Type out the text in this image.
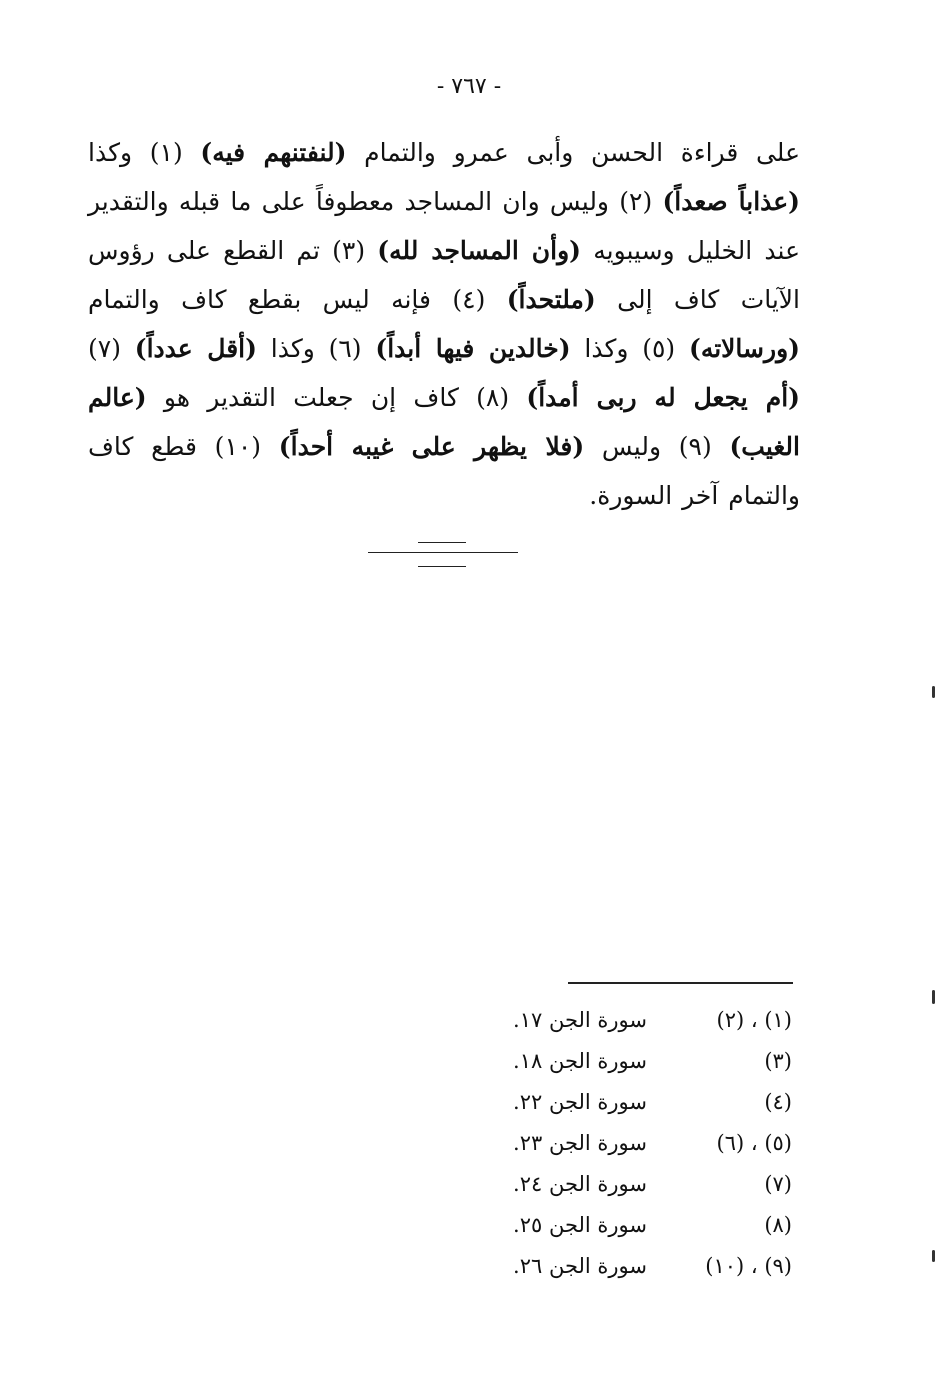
- ٧٦٧ -

على قراءة الحسن وأبى عمرو والتمام (لنفتنهم فيه) (١) وكذا (عذاباً صعداً) (٢) وليس وان المساجد معطوفاً على ما قبله والتقدير عند الخليل وسيبويه (وأن المساجد لله) (٣) تم القطع على رؤوس الآيات كاف إلى (ملتحداً) (٤) فإنه ليس بقطع كاف والتمام (ورسالاته) (٥) وكذا (خالدين فيها أبداً) (٦) وكذا (أقل عدداً) (٧) (أم يجعل له ربى أمداً) (٨) كاف إن جعلت التقدير هو (عالم الغيب) (٩) وليس (فلا يظهر على غيبه أحداً) (١٠) قطع كاف والتمام آخر السورة.

(١) ، (٢)
سورة الجن ١٧.
(٣)
سورة الجن ١٨.
(٤)
سورة الجن ٢٢.
(٥) ، (٦)
سورة الجن ٢٣.
(٧)
سورة الجن ٢٤.
(٨)
سورة الجن ٢٥.
(٩) ، (١٠)
سورة الجن ٢٦.
